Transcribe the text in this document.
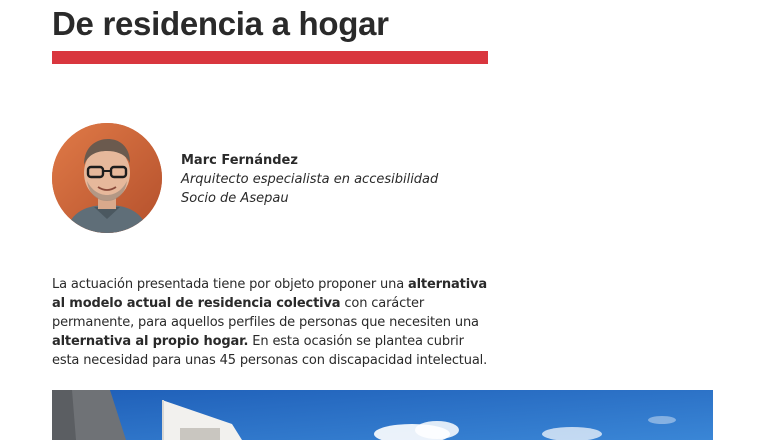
De residencia a hogar
Marc Fernández
Arquitecto especialista en accesibilidad
Socio de Asepau

La actuación presentada tiene por objeto proponer una alternativa al modelo actual de residencia colectiva con carácter permanente, para aquellos perfiles de personas que necesiten una alternativa al propio hogar. En esta ocasión se plantea cubrir esta necesidad para unas 45 personas con discapacidad intelectual.
